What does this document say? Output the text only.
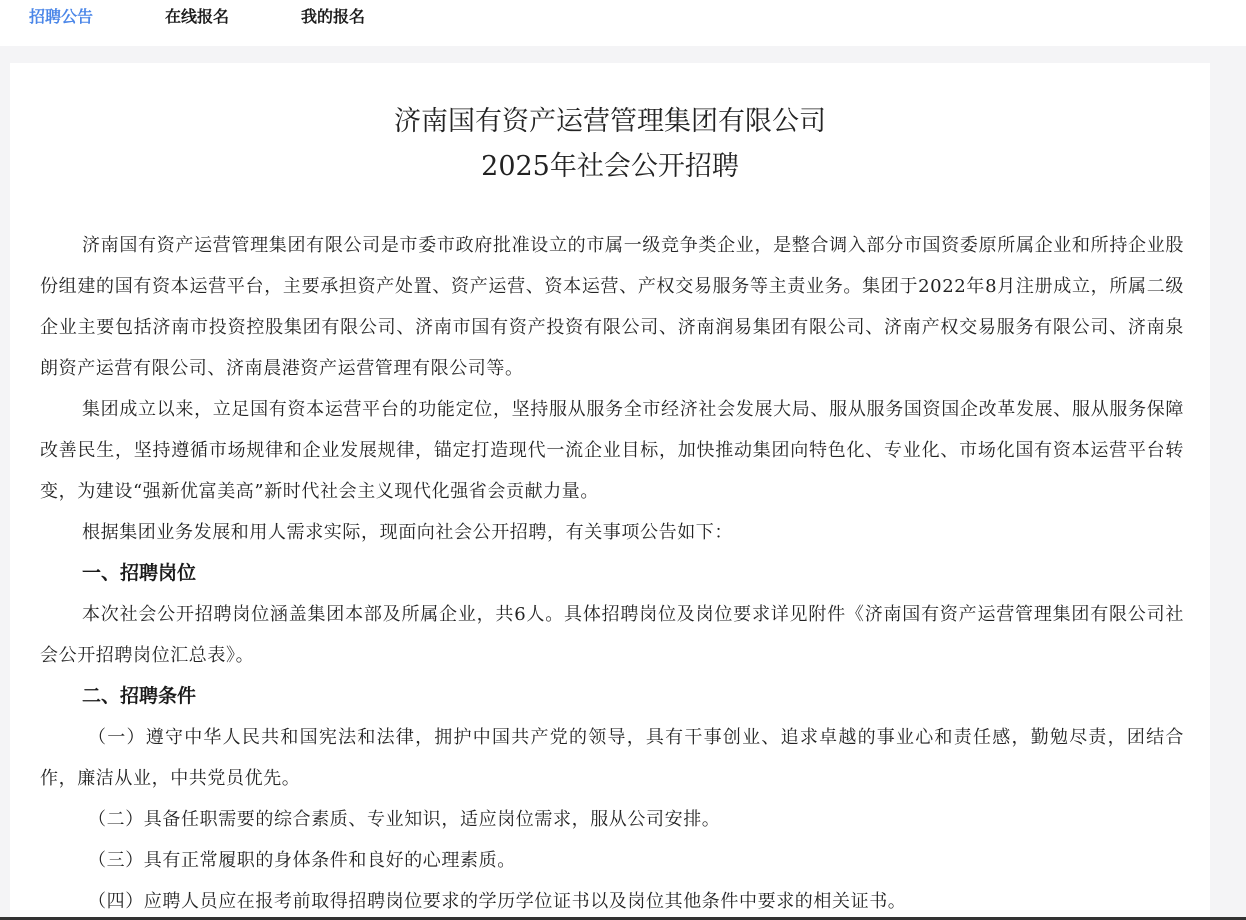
招聘公告	在线报名	我的报名
济南国有资产运营管理集团有限公司
2025年社会公开招聘
济南国有资产运营管理集团有限公司是市委市政府批准设立的市属一级竞争类企业，是整合调入部分市国资委原所属企业和所持企业股份组建的国有资本运营平台，主要承担资产处置、资产运营、资本运营、产权交易服务等主责业务。集团于2022年8月注册成立，所属二级企业主要包括济南市投资控股集团有限公司、济南市国有资产投资有限公司、济南润易集团有限公司、济南产权交易服务有限公司、济南泉朗资产运营有限公司、济南晨港资产运营管理有限公司等。
集团成立以来，立足国有资本运营平台的功能定位，坚持服从服务全市经济社会发展大局、服从服务国资国企改革发展、服从服务保障改善民生，坚持遵循市场规律和企业发展规律，锚定打造现代一流企业目标，加快推动集团向特色化、专业化、市场化国有资本运营平台转变，为建设“强新优富美高”新时代社会主义现代化强省会贡献力量。
根据集团业务发展和用人需求实际，现面向社会公开招聘，有关事项公告如下：
一、招聘岗位
本次社会公开招聘岗位涵盖集团本部及所属企业，共6人。具体招聘岗位及岗位要求详见附件《济南国有资产运营管理集团有限公司社会公开招聘岗位汇总表》。
二、招聘条件
（一）遵守中华人民共和国宪法和法律，拥护中国共产党的领导，具有干事创业、追求卓越的事业心和责任感，勤勉尽责，团结合作，廉洁从业，中共党员优先。
（二）具备任职需要的综合素质、专业知识，适应岗位需求，服从公司安排。
（三）具有正常履职的身体条件和良好的心理素质。
（四）应聘人员应在报考前取得招聘岗位要求的学历学位证书以及岗位其他条件中要求的相关证书。
